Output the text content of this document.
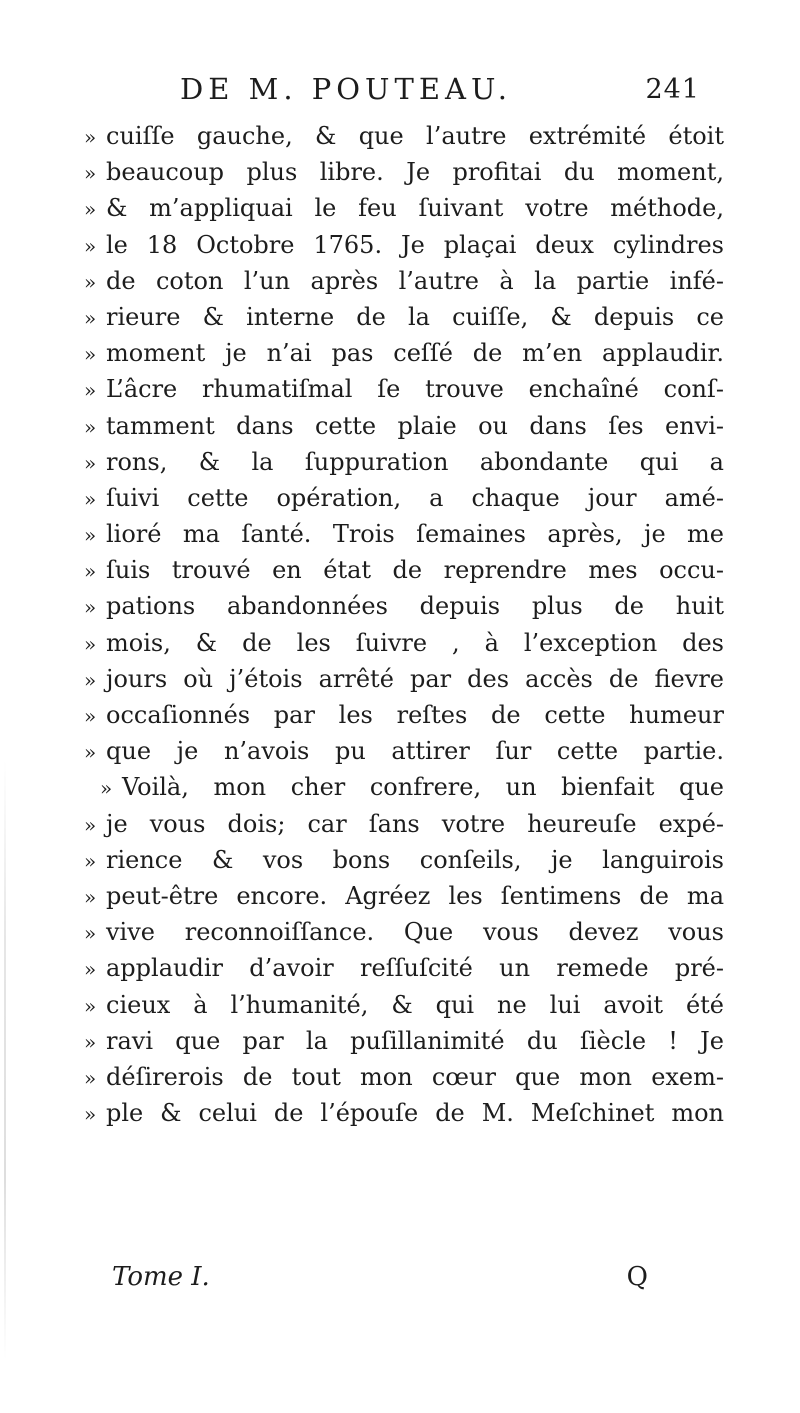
DE M. POUTEAU.	241
» cuiſſe gauche, & que l’autre extrémité étoit
» beaucoup plus libre. Je profitai du moment,
» & m’appliquai le feu ſuivant votre méthode,
» le 18 Octobre 1765. Je plaçai deux cylindres
» de coton l’un après l’autre à la partie infé-
» rieure & interne de la cuiſſe, & depuis ce
» moment je n’ai pas ceſſé de m’en applaudir.
» L’âcre rhumatiſmal ſe trouve enchaîné conſ-
» tamment dans cette plaie ou dans ſes envi-
» rons, & la ſuppuration abondante qui a
» ſuivi cette opération, a chaque jour amé-
» lioré ma ſanté. Trois ſemaines après, je me
» ſuis trouvé en état de reprendre mes occu-
» pations abandonnées depuis plus de huit
» mois, & de les ſuivre , à l’exception des
» jours où j’étois arrêté par des accès de fievre
» occaſionnés par les reſtes de cette humeur
» que je n’avois pu attirer ſur cette partie.
» Voilà, mon cher confrere, un bienfait que
» je vous dois; car ſans votre heureuſe expé-
» rience & vos bons conſeils, je languirois
» peut-être encore. Agréez les ſentimens de ma
» vive reconnoiſſance. Que vous devez vous
» applaudir d’avoir reſſuſcité un remede pré-
» cieux à l’humanité, & qui ne lui avoit été
» ravi que par la puſillanimité du ſiècle ! Je
» déſirerois de tout mon cœur que mon exem-
» ple & celui de l’épouſe de M. Meſchinet mon
Tome I.	Q
